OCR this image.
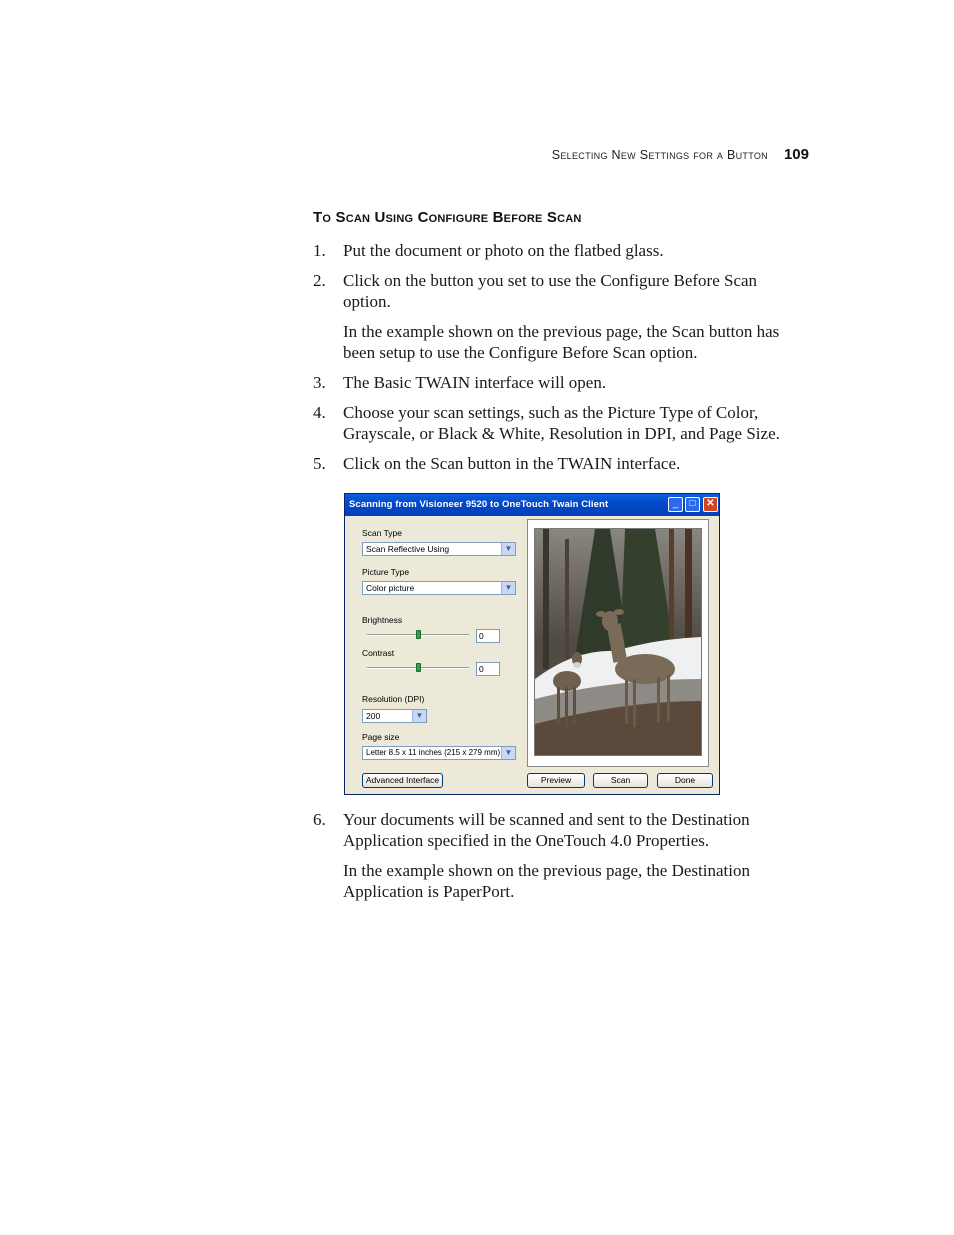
Selecting New Settings for a Button 109
To Scan Using Configure Before Scan
1. Put the document or photo on the flatbed glass.
2. Click on the button you set to use the Configure Before Scan option.
In the example shown on the previous page, the Scan button has been setup to use the Configure Before Scan option.
3. The Basic TWAIN interface will open.
4. Choose your scan settings, such as the Picture Type of Color, Grayscale, or Black & White, Resolution in DPI, and Page Size.
5. Click on the Scan button in the TWAIN interface.
Scanning from Visioneer 9520 to OneTouch Twain Client	_	□	✕
Scan Type
Scan Reflective Using	▼
Picture Type
Color picture	▼
Brightness
0
Contrast
0
Resolution (DPI)
200	▼
Page size
Letter 8.5 x 11 inches (215 x 279 mm) ▼
Advanced Interface	Preview	Scan	Done
6. Your documents will be scanned and sent to the Destination Application specified in the OneTouch 4.0 Properties.
In the example shown on the previous page, the Destination Application is PaperPort.
